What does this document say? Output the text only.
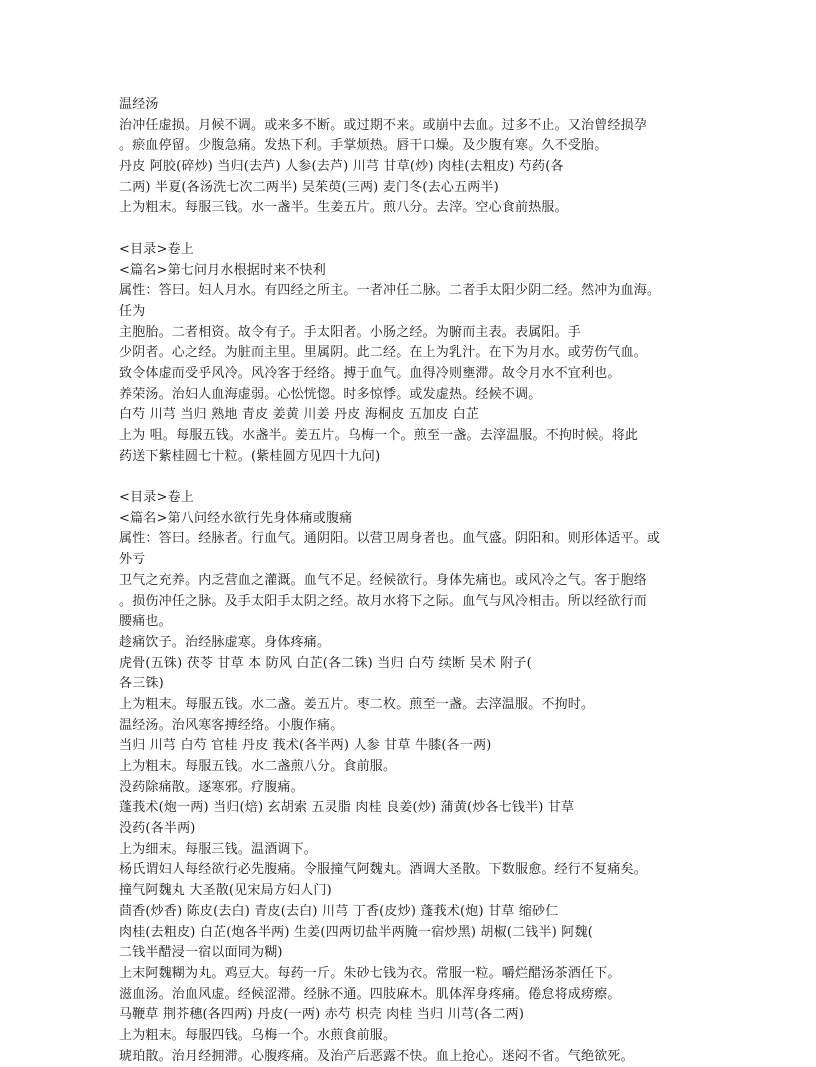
温经汤
治冲任虚损。月候不调。或来多不断。或过期不来。或崩中去血。过多不止。又治曾经损孕
。瘀血停留。少腹急痛。发热下利。手掌烦热。唇干口燥。及少腹有寒。久不受胎。
丹皮 阿胶(碎炒) 当归(去芦) 人参(去芦) 川芎 甘草(炒) 肉桂(去粗皮) 芍药(各
二两) 半夏(各汤洗七次二两半) 吴茱萸(三两) 麦门冬(去心五两半)
上为粗末。每服三钱。水一盏半。生姜五片。煎八分。去滓。空心食前热服。
<目录>卷上
<篇名>第七问月水根据时来不快利
属性：答曰。妇人月水。有四经之所主。一者冲任二脉。二者手太阳少阴二经。然冲为血海。
任为
主胞胎。二者相资。故令有子。手太阳者。小肠之经。为腑而主表。表属阳。手
少阴者。心之经。为脏而主里。里属阴。此二经。在上为乳汁。在下为月水。或劳伤气血。
致令体虚而受乎风冷。风冷客于经络。搏于血气。血得冷则壅滞。故令月水不宜利也。
养荣汤。治妇人血海虚弱。心忪恍惚。时多惊悸。或发虚热。经候不调。
白芍 川芎 当归 熟地 青皮 姜黄 川姜 丹皮 海桐皮 五加皮 白芷
上为 咀。每服五钱。水盏半。姜五片。乌梅一个。煎至一盏。去滓温服。不拘时候。将此
药送下紫桂圆七十粒。(紫桂圆方见四十九问)
<目录>卷上
<篇名>第八问经水欲行先身体痛或腹痛
属性：答曰。经脉者。行血气。通阴阳。以营卫周身者也。血气盛。阴阳和。则形体适平。或
外亏
卫气之充养。内乏营血之灌溉。血气不足。经候欲行。身体先痛也。或风冷之气。客于胞络
。损伤冲任之脉。及手太阳手太阴之经。故月水将下之际。血气与风冷相击。所以经欲行而
腰痛也。
趁痛饮子。治经脉虚寒。身体疼痛。
虎骨(五铢) 茯苓 甘草 本 防风 白芷(各二铢) 当归 白芍 续断 吴术 附子(
各三铢)
上为粗末。每服五钱。水二盏。姜五片。枣二枚。煎至一盏。去滓温服。不拘时。
温经汤。治风寒客搏经络。小腹作痛。
当归 川芎 白芍 官桂 丹皮 莪术(各半两) 人参 甘草 牛膝(各一两)
上为粗末。每服五钱。水二盏煎八分。食前服。
没药除痛散。逐寒邪。疗腹痛。
蓬莪术(炮一两) 当归(焙) 玄胡索 五灵脂 肉桂 良姜(炒) 蒲黄(炒各七钱半) 甘草
没药(各半两)
上为细末。每服三钱。温酒调下。
杨氏谓妇人每经欲行必先腹痛。令服撞气阿魏丸。酒调大圣散。下数服愈。经行不复痛矣。
撞气阿魏丸 大圣散(见宋局方妇人门)
茴香(炒香) 陈皮(去白) 青皮(去白) 川芎 丁香(皮炒) 蓬莪术(炮) 甘草 缩砂仁
肉桂(去粗皮) 白芷(炮各半两) 生姜(四两切盐半两腌一宿炒黑) 胡椒(二钱半) 阿魏(
二钱半醋浸一宿以面同为糊)
上末阿魏糊为丸。鸡豆大。每药一斤。朱砂七钱为衣。常服一粒。嚼烂醋汤茶酒任下。
滋血汤。治血风虚。经候涩滞。经脉不通。四肢麻木。肌体浑身疼痛。倦怠将成痨瘵。
马鞭草 荆芥穗(各四两) 丹皮(一两) 赤芍 枳壳 肉桂 当归 川芎(各二两)
上为粗末。每服四钱。乌梅一个。水煎食前服。
琥珀散。治月经拥滞。心腹疼痛。及治产后恶露不快。血上抢心。迷闷不省。气绝欲死。
